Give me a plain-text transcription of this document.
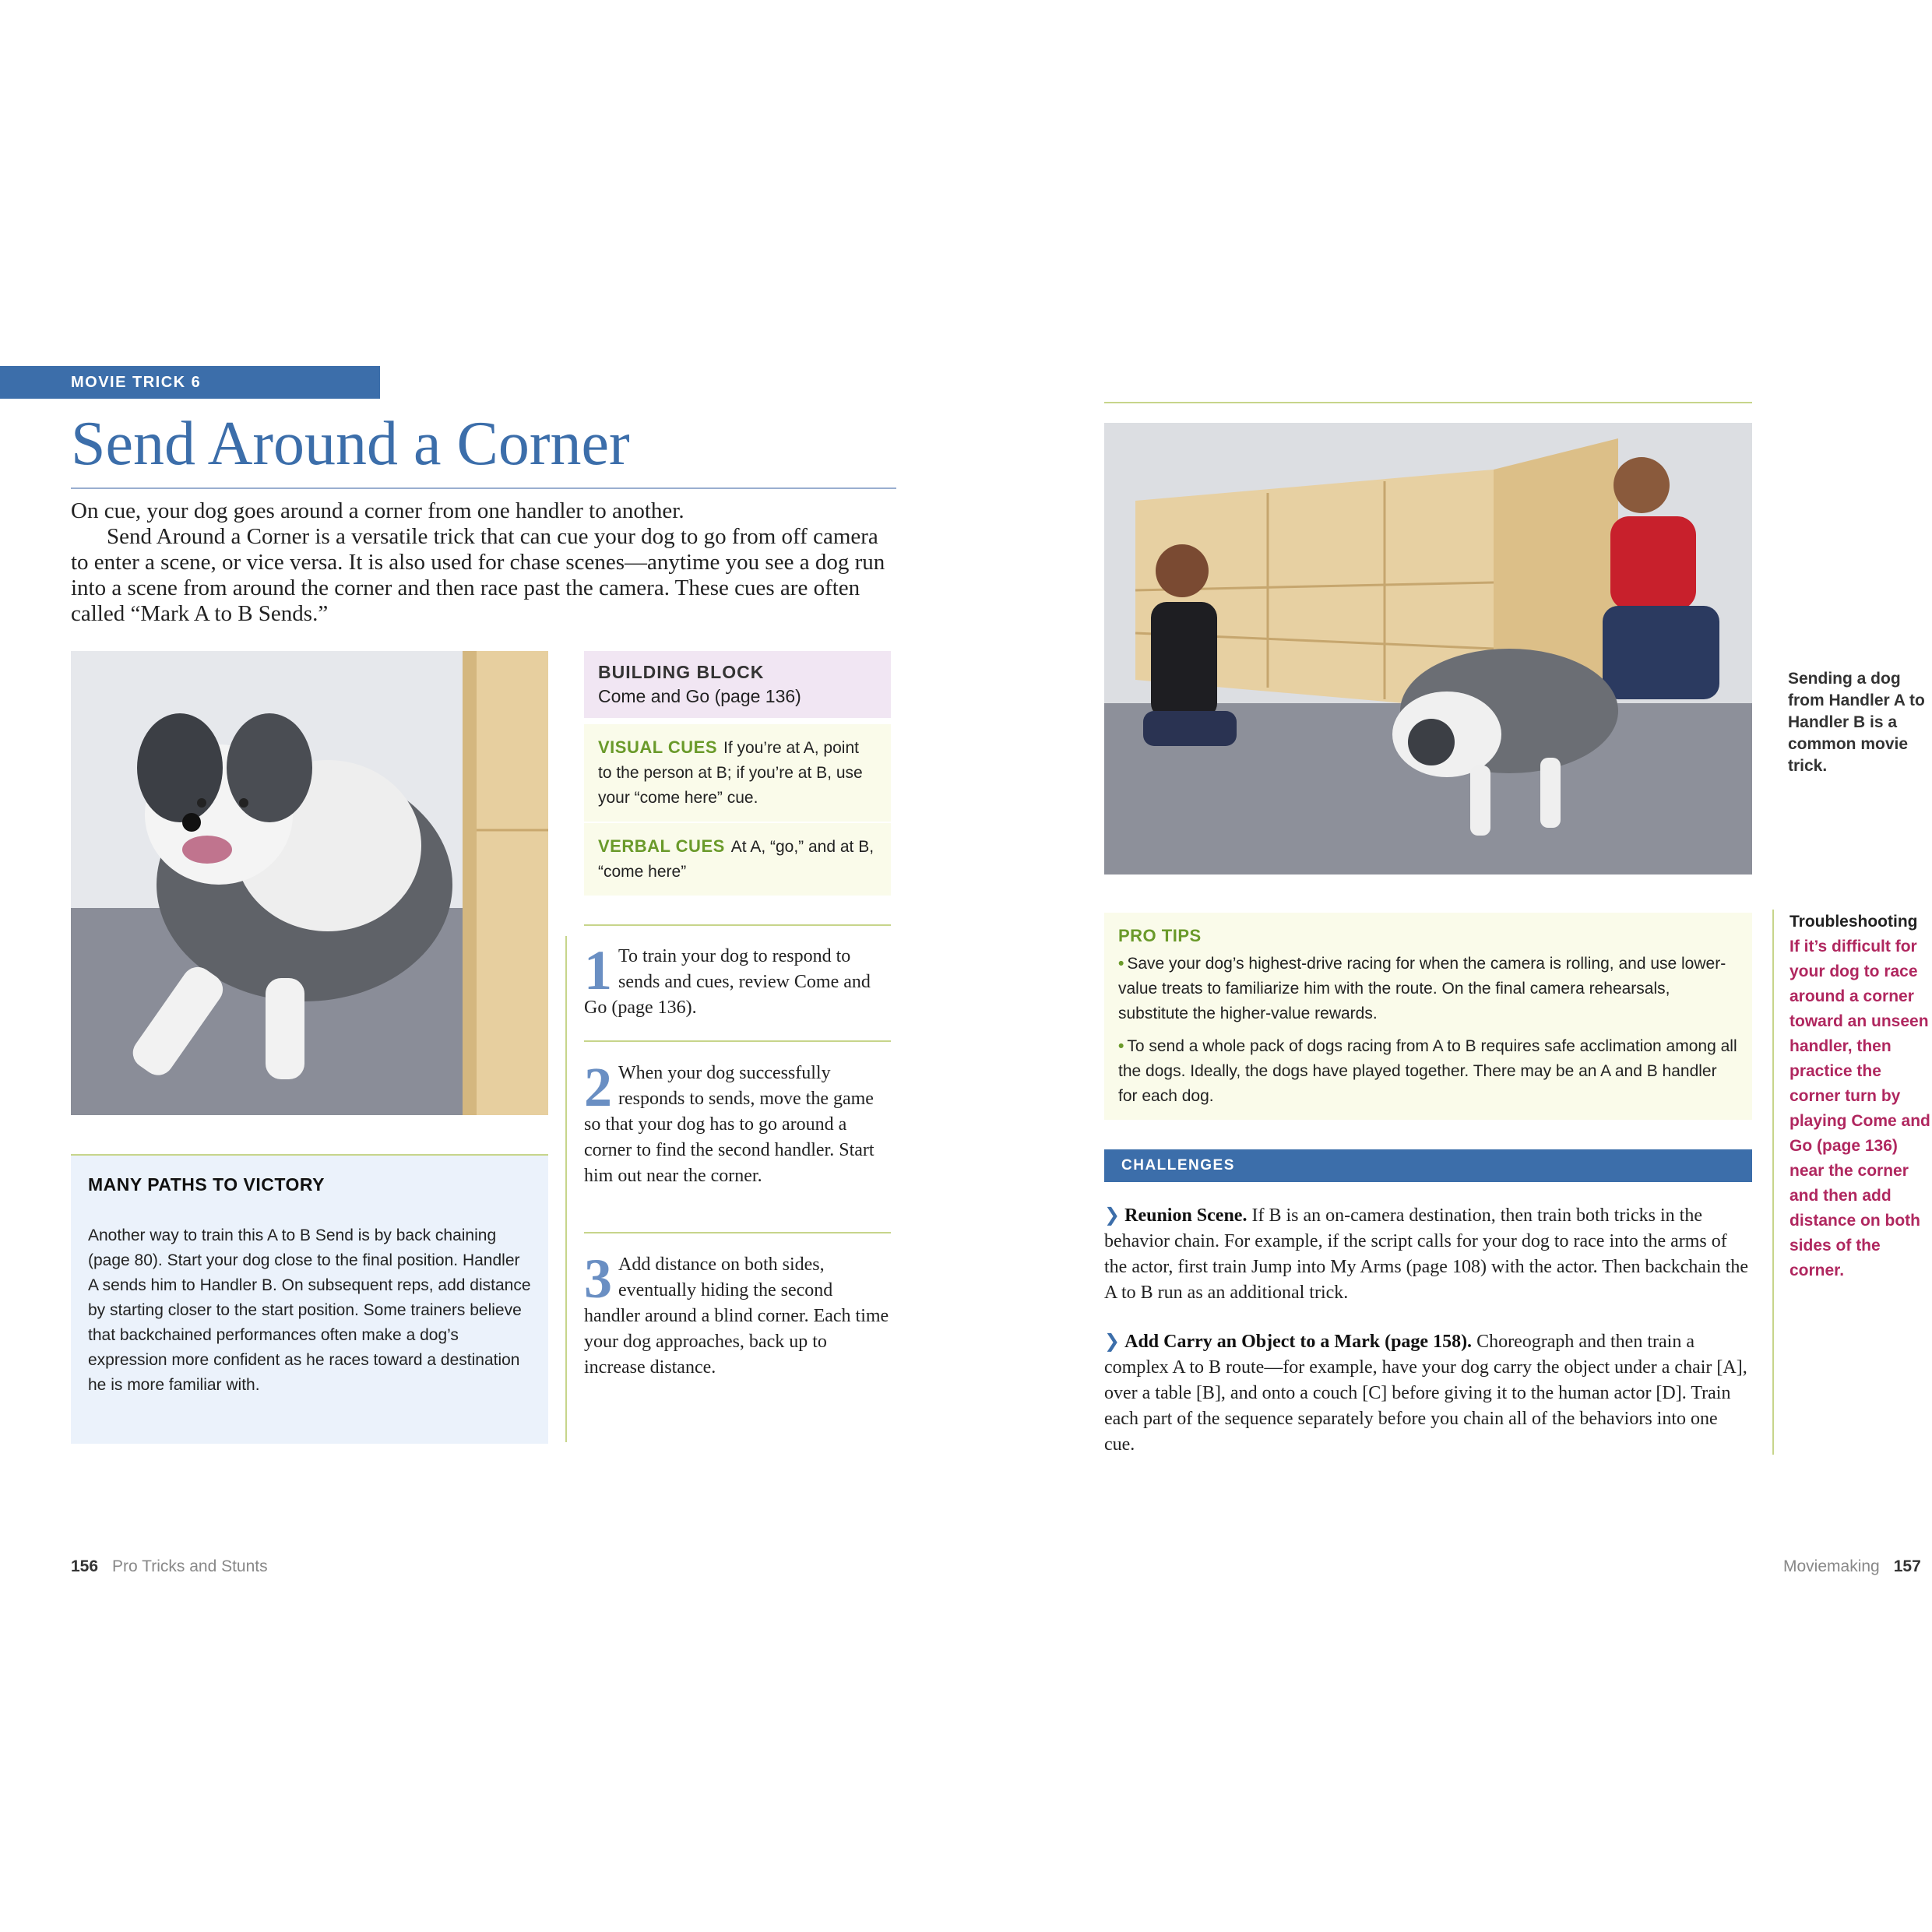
MOVIE TRICK 6
Send Around a Corner

On cue, your dog goes around a corner from one handler to another.

Send Around a Corner is a versatile trick that can cue your dog to go from off camera to enter a scene, or vice versa. It is also used for chase scenes—anytime you see a dog run into a scene from around the corner and then race past the camera. These cues are often called “Mark A to B Sends.”

BUILDING BLOCK
Come and Go (page 136)
VISUAL CUES If you’re at A, point to the person at B; if you’re at B, use your “come here” cue.
VERBAL CUES At A, “go,” and at B, “come here”
1 To train your dog to respond to sends and cues, review Come and Go (page 136).
2 When your dog successfully responds to sends, move the game so that your dog has to go around a corner to find the second handler. Start him out near the corner.
3 Add distance on both sides, eventually hiding the second handler around a blind corner. Each time your dog approaches, back up to increase distance.
MANY PATHS TO VICTORY
Another way to train this A to B Send is by back chaining (page 80). Start your dog close to the final position. Handler A sends him to Handler B. On subsequent reps, add distance by starting closer to the start position. Some trainers believe that backchained performances often make a dog’s expression more confident as he races toward a destination he is more familiar with.
156 Pro Tricks and Stunts
Sending a dog from Handler A to Handler B is a common movie trick.
PRO TIPS
• Save your dog’s highest-drive racing for when the camera is rolling, and use lower-value treats to familiarize him with the route. On the final camera rehearsals, substitute the higher-value rewards.
• To send a whole pack of dogs racing from A to B requires safe acclimation among all the dogs. Ideally, the dogs have played together. There may be an A and B handler for each dog.
CHALLENGES
❯ Reunion Scene. If B is an on-camera destination, then train both tricks in the behavior chain. For example, if the script calls for your dog to race into the arms of the actor, first train Jump into My Arms (page 108) with the actor. Then backchain the A to B run as an additional trick.
❯ Add Carry an Object to a Mark (page 158). Choreograph and then train a complex A to B route—for example, have your dog carry the object under a chair [A], over a table [B], and onto a couch [C] before giving it to the human actor [D]. Train each part of the sequence separately before you chain all of the behaviors into one cue.
Troubleshooting
If it’s difficult for your dog to race around a corner toward an unseen handler, then practice the corner turn by playing Come and Go (page 136) near the corner and then add distance on both sides of the corner.
Moviemaking 157
